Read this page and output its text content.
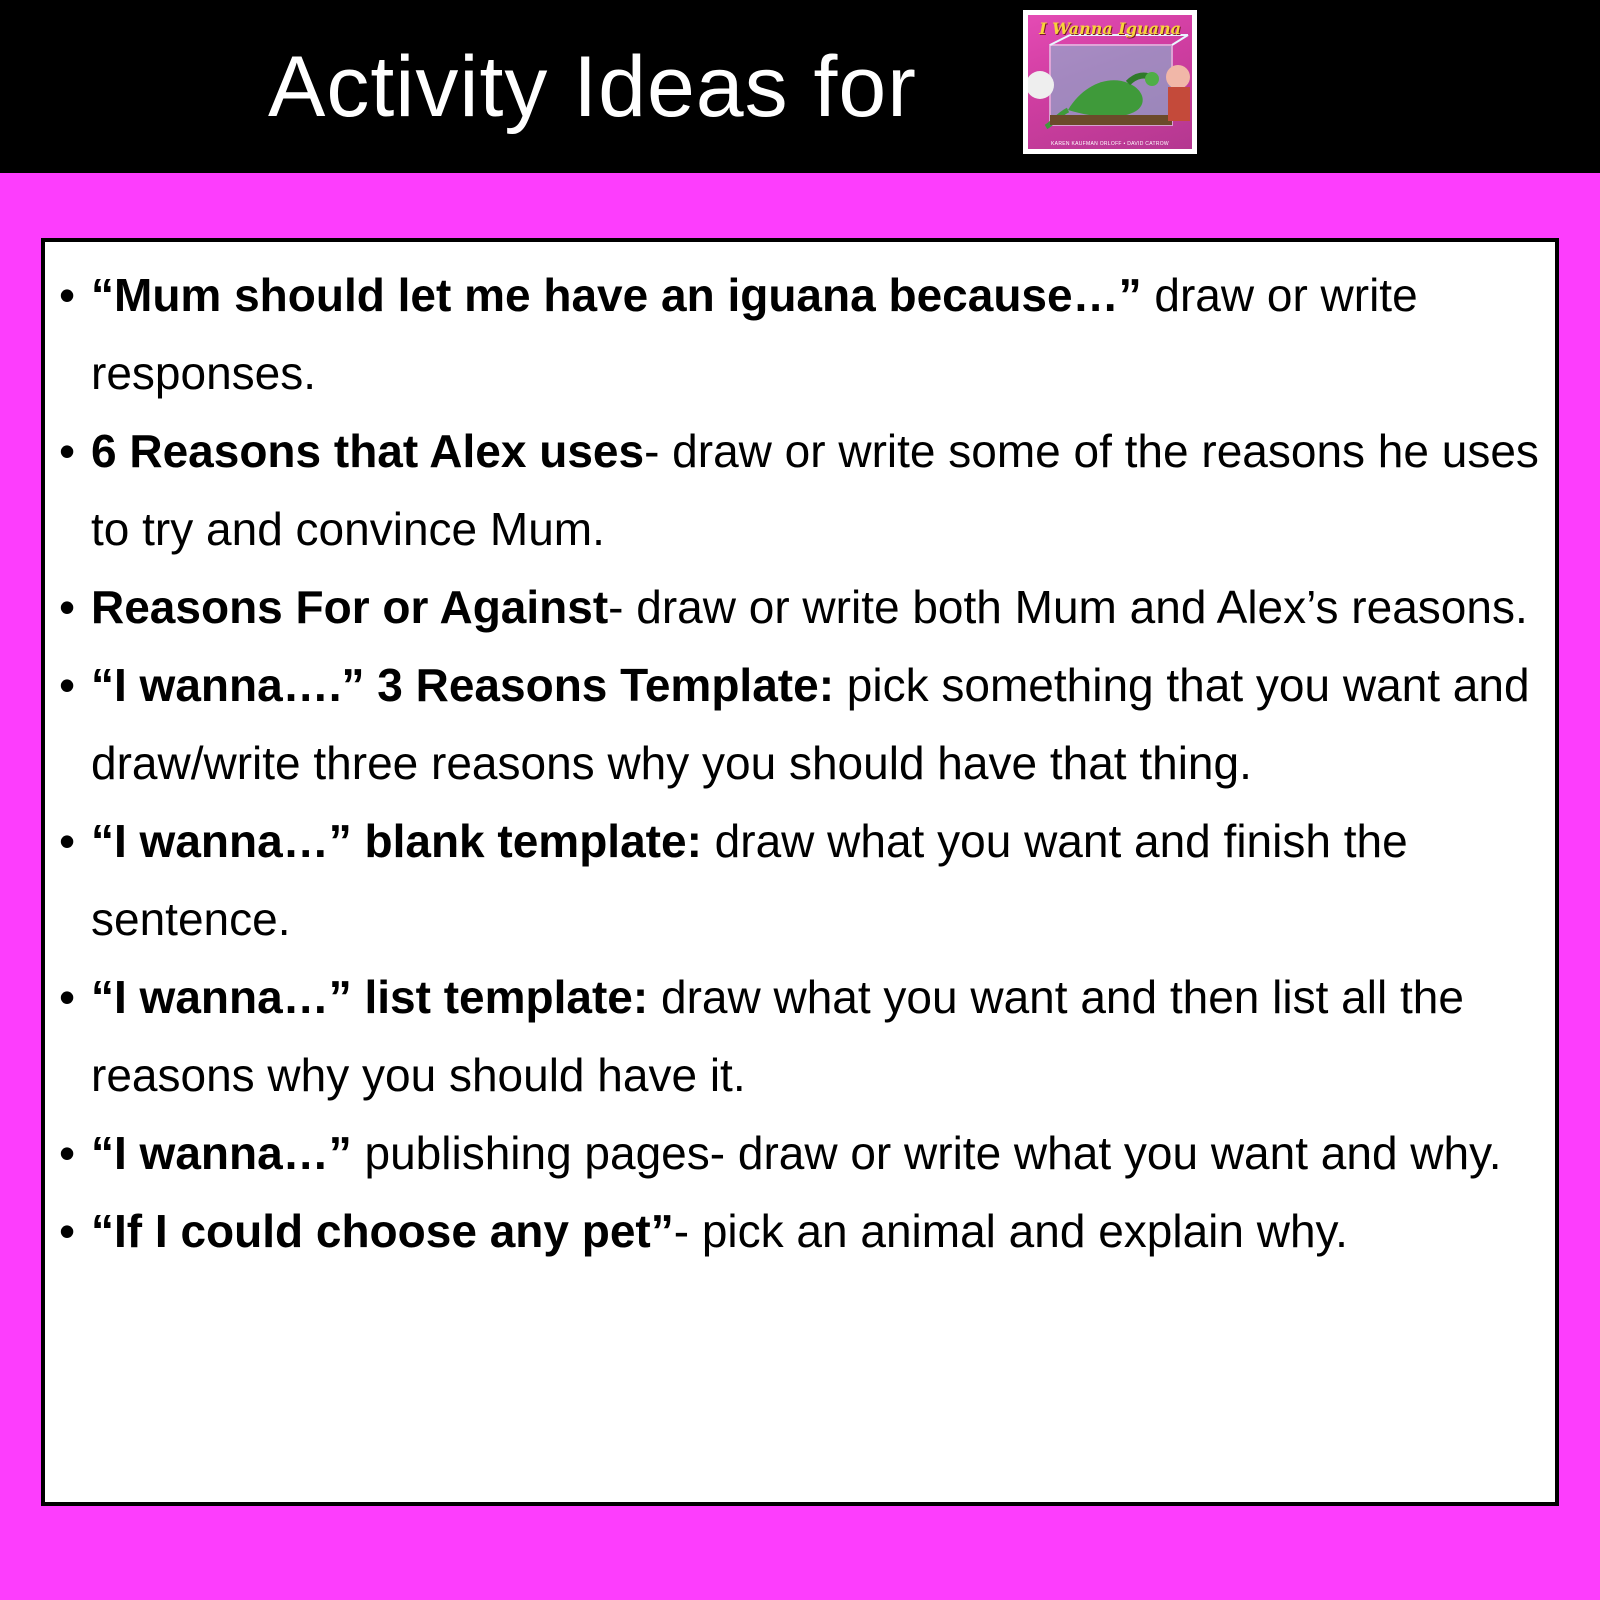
Activity Ideas for
I Wanna Iguana
KAREN KAUFMAN ORLOFF • DAVID CATROW
• “Mum should let me have an iguana because…” draw or write responses.
• 6 Reasons that Alex uses- draw or write some of the reasons he uses to try and convince Mum.
• Reasons For or Against- draw or write both Mum and Alex’s reasons.
• “I wanna….” 3 Reasons Template: pick something that you want and draw/write three reasons why you should have that thing.
• “I wanna…” blank template: draw what you want and finish the sentence.
• “I wanna…” list template: draw what you want and then list all the reasons why you should have it.
• “I wanna…” publishing pages- draw or write what you want and why.
• “If I could choose any pet”- pick an animal and explain why.
